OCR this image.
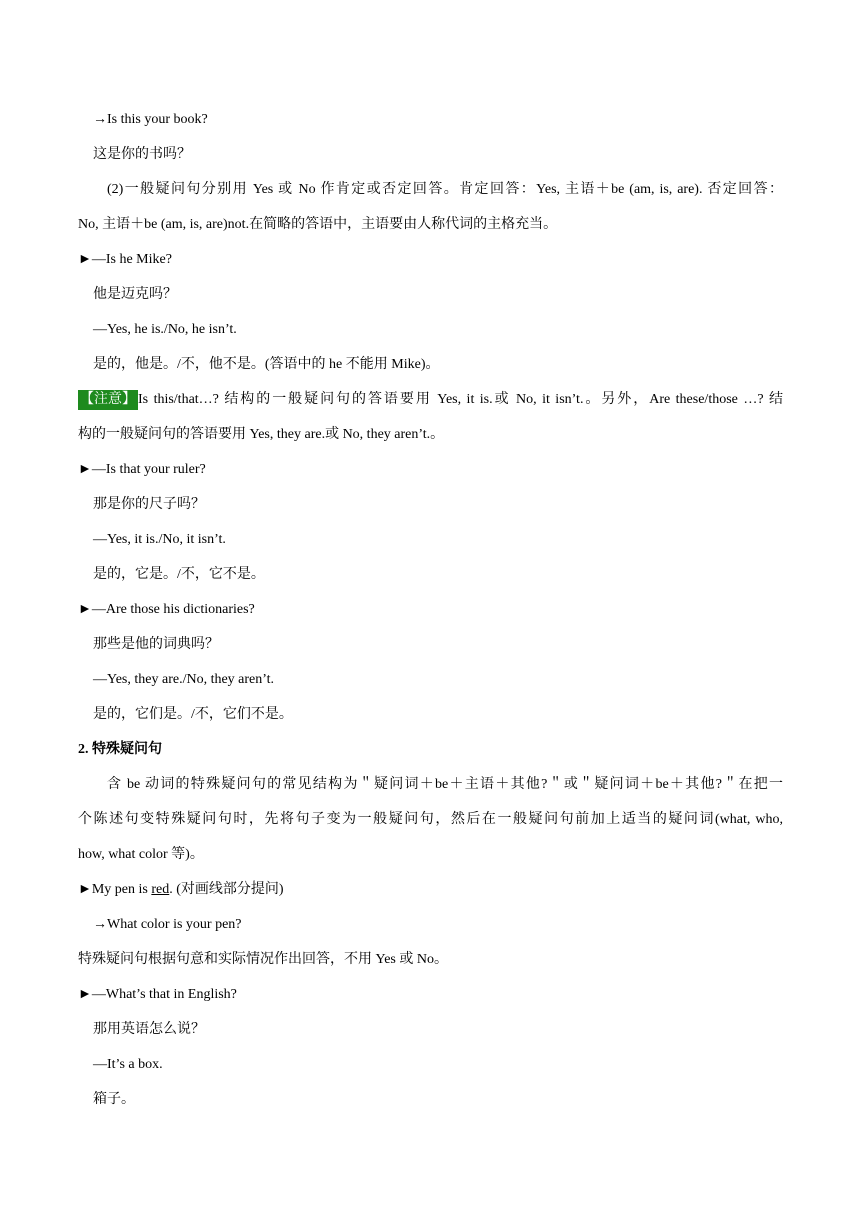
→Is this your book?
这是你的书吗？
(2)一般疑问句分别用 Yes 或 No 作肯定或否定回答。肯定回答：Yes, 主语＋be (am, is, are). 否定回答：
No, 主语＋be (am, is, are)not.在简略的答语中，主语要由人称代词的主格充当。
►—Is he Mike?
他是迈克吗？
—Yes, he is./No, he isn’t.
是的，他是。/不，他不是。(答语中的 he 不能用 Mike)。
【注意】 Is this/that…? 结构的一般疑问句的答语要用 Yes, it is.或 No, it isn’t.。另外，Are these/those …? 结
构的一般疑问句的答语要用 Yes, they are.或 No, they aren’t.。
►—Is that your ruler?
那是你的尺子吗？
—Yes, it is./No, it isn’t.
是的，它是。/不，它不是。
►—Are those his dictionaries?
那些是他的词典吗？
—Yes, they are./No, they aren’t.
是的，它们是。/不，它们不是。
2. 特殊疑问句
含 be 动词的特殊疑问句的常见结构为＂疑问词＋be＋主语＋其他?＂或＂疑问词＋be＋其他?＂在把一
个陈述句变特殊疑问句时，先将句子变为一般疑问句，然后在一般疑问句前加上适当的疑问词(what, who,
how, what color 等)。
►My pen is red. (对画线部分提问)
→What color is your pen?
特殊疑问句根据句意和实际情况作出回答，不用 Yes 或 No。
►—What’s that in English?
那用英语怎么说？
—It’s a box.
箱子。
